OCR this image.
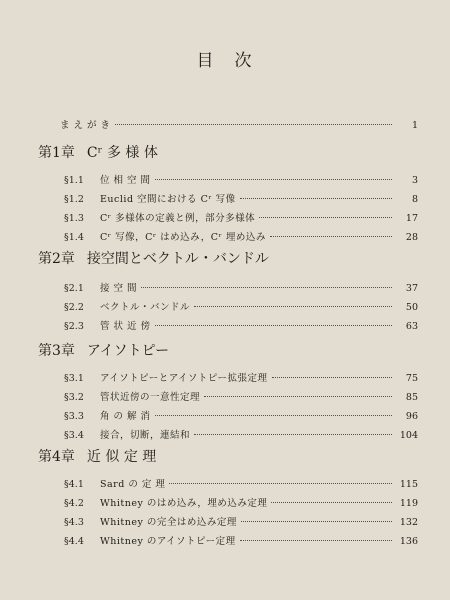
目　次
ま え が き	1
第1章 Cʳ 多 様 体
§1.1	位 相 空 間	3
§1.2	Euclid 空間における Cʳ 写像	8
§1.3	Cʳ 多様体の定義と例，部分多様体	17
§1.4	Cʳ 写像，Cʳ はめ込み，Cʳ 埋め込み	28
第2章 接空間とベクトル・バンドル
§2.1	接 空 間	37
§2.2	ベクトル・バンドル	50
§2.3	管 状 近 傍	63
第3章 アイソトピー
§3.1	アイソトピーとアイソトピー拡張定理	75
§3.2	管状近傍の一意性定理	85
§3.3	角 の 解 消	96
§3.4	接合，切断，連結和	104
第4章 近 似 定 理
§4.1	Sard の 定 理	115
§4.2	Whitney のはめ込み，埋め込み定理	119
§4.3	Whitney の完全はめ込み定理	132
§4.4	Whitney のアイソトピー定理	136
